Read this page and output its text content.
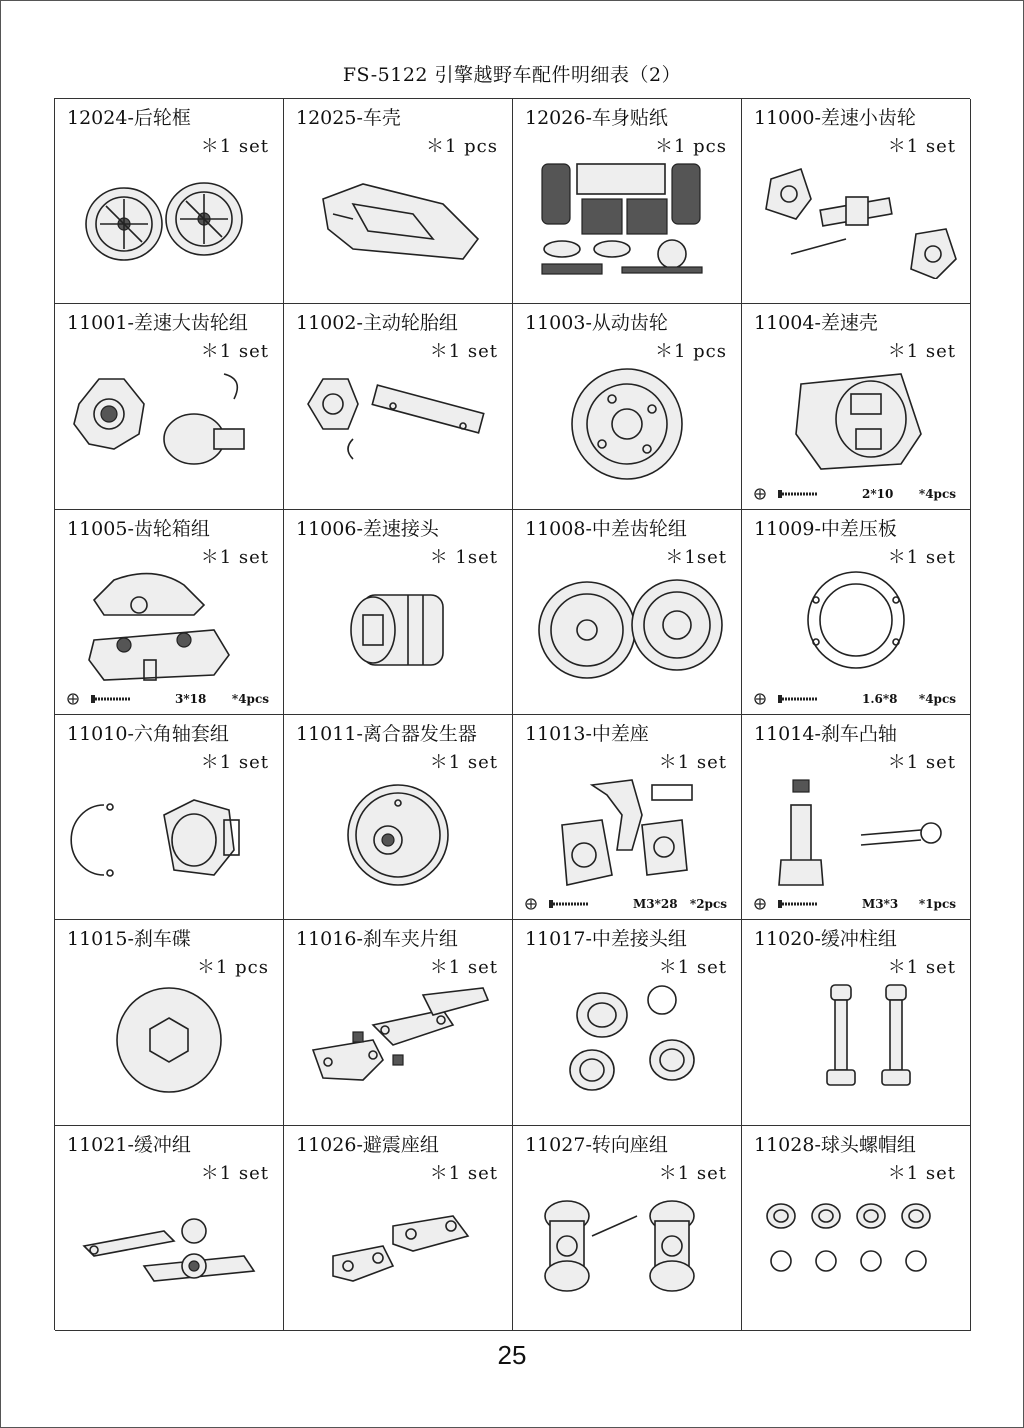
FS-5122 引擎越野车配件明细表（2）
12024-后轮框
＊1 set
12025-车壳
＊1 pcs
12026-车身贴纸
＊1 pcs
11000-差速小齿轮
＊1 set
11001-差速大齿轮组
＊1 set
11002-主动轮胎组
＊1 set
11003-从动齿轮
＊1 pcs
11004-差速壳
＊1 set
2*10 *4pcs
11005-齿轮箱组
＊1 set
3*18 *4pcs
11006-差速接头
＊ 1set
11008-中差齿轮组
＊1set
11009-中差压板
＊1 set
1.6*8 *4pcs
11010-六角轴套组
＊1 set
11011-离合器发生器
＊1 set
11013-中差座
＊1 set
M3*28 *2pcs
11014-刹车凸轴
＊1 set
M3*3 *1pcs
11015-刹车碟
＊1 pcs
11016-刹车夹片组
＊1 set
11017-中差接头组
＊1 set
11020-缓冲柱组
＊1 set
11021-缓冲组
＊1 set
11026-避震座组
＊1 set
11027-转向座组
＊1 set
11028-球头螺帽组
＊1 set
25
